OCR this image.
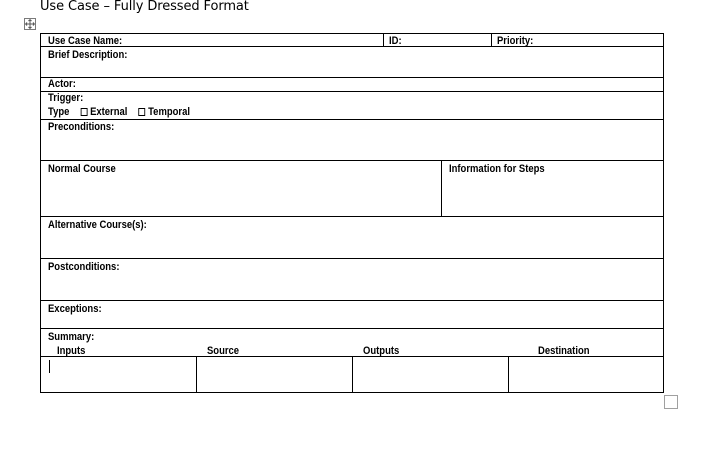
Use Case – Fully Dressed Format
Use Case Name:	ID:	Priority:
Brief Description:
Actor:
Trigger:
Type External Temporal
Preconditions:
Normal Course	Information for Steps
Alternative Course(s):
Postconditions:
Exceptions:
Summary:
Inputs	Source	Outputs	Destination
